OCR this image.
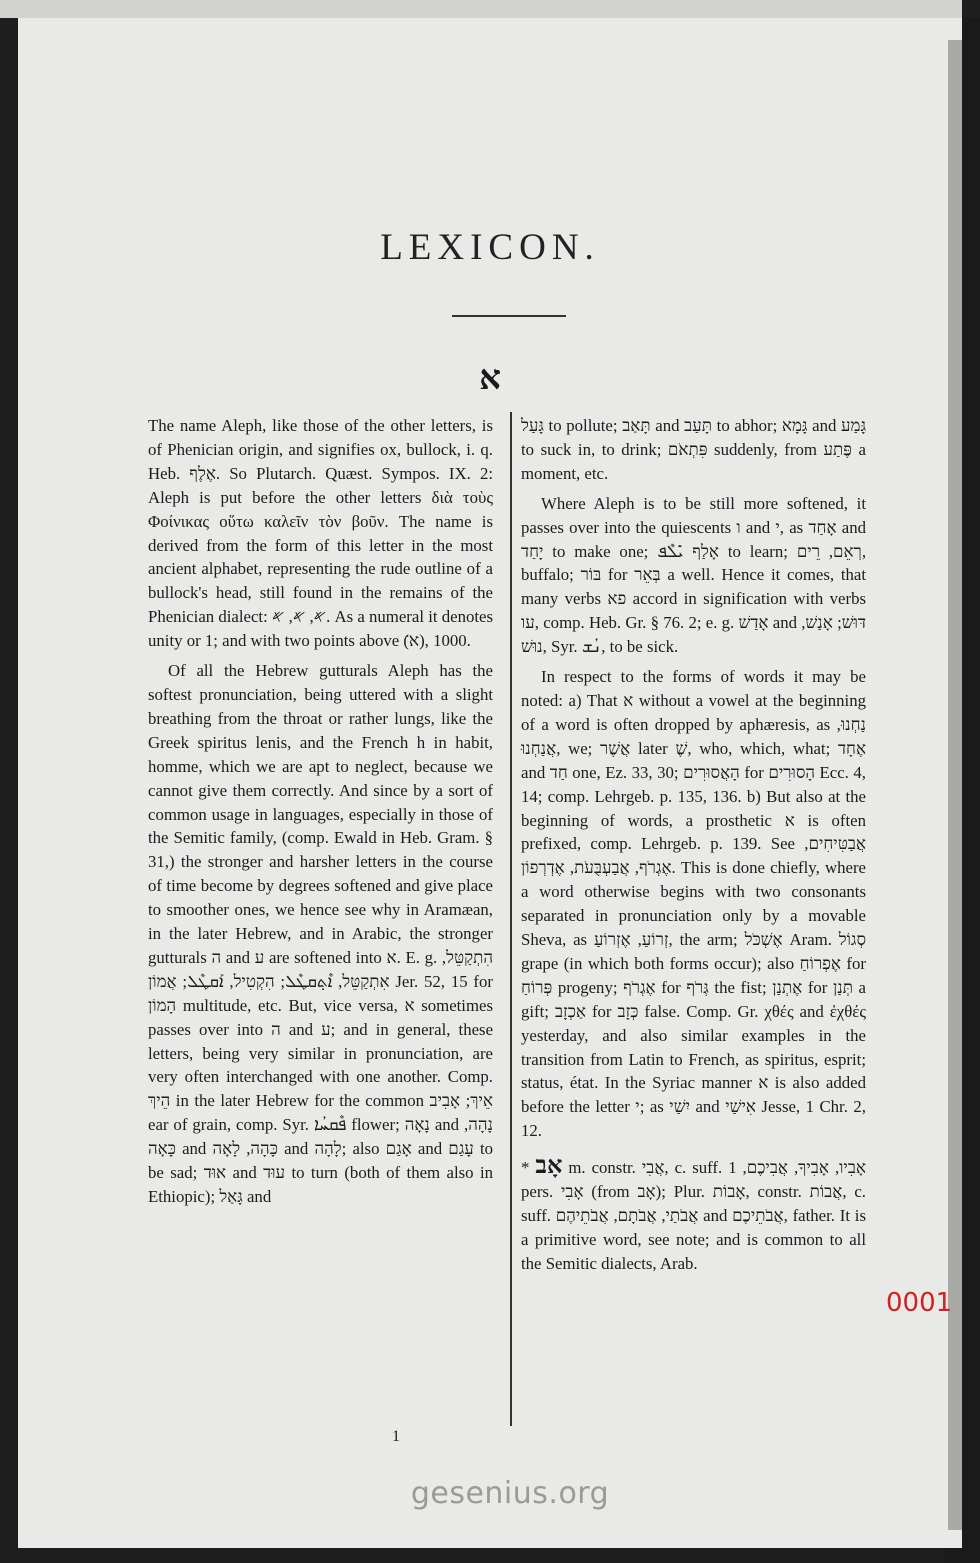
LEXICON.
א

The name Aleph, like those of the other letters, is of Phenician origin, and signifies ox, bullock, i. q. Heb. אֶלֶף. So Plutarch. Quæst. Sympos. IX. 2: Aleph is put before the other letters διὰ τοὺς Φοίνικας οὕτω καλεῖν τὸν βοῦν. The name is derived from the form of this letter in the most ancient alphabet, representing the rude outline of a bullock's head, still found in the remains of the Phenician dialect: 𐤀, 𐤀, 𐤀. As a numeral it denotes unity or 1; and with two points above (א̈), 1000.

Of all the Hebrew gutturals Aleph has the softest pronunciation, being uttered with a slight breathing from the throat or rather lungs, like the Greek spiritus lenis, and the French h in habit, homme, which we are apt to neglect, because we cannot give them correctly. And since by a sort of common usage in languages, especially in those of the Semitic family, (comp. Ewald in Heb. Gram. § 31,) the stronger and harsher letters in the course of time become by degrees softened and give place to smoother ones, we hence see why in Aramæan, in the later Hebrew, and in Arabic, the stronger gutturals ה and ע are softened into א. E. g. הִתְקַטֵּל, אִתְקַטֵּל, ܐܶܬ݂ܩܛܶܠ; הִקְטִיל, ܐܰܩܛܶܠ; אֲמוֹן Jer. 52, 15 for הָמוֹן multitude, etc. But, vice versa, א sometimes passes over into ה and ע; and in general, these letters, being very similar in pronunciation, are very often interchanged with one another. Comp. הֵיךְ in the later Hebrew for the common אֵיךְ; אָבִיב ear of grain, comp. Syr. ܦܶܩܚܳܐ flower; נָאָה and נָהָה, כָּאָה and כָּהָה, לָאָה and לָהָה; also אָגַם and עָגַם to be sad; אוּד and עוּד to turn (both of them also in Ethiopic); גָּאַל and

גָּעַל to pollute; תָּאַב and תָּעַב to abhor; גָּמָא and גָּמַע to suck in, to drink; פִּתְאֹם suddenly, from פֶּתַע a moment, etc.

Where Aleph is to be still more softened, it passes over into the quiescents ו and י, as אָחַד and יָחַד to make one; אָלַף ܝܺܠܶܦ to learn; רְאֵם, רֵים, buffalo; בּוֹר for בְּאֵר a well. Hence it comes, that many verbs פא accord in signification with verbs עו, comp. Heb. Gr. § 76. 2; e. g. אָדַשׁ and דּוּשׁ; אָנַשׁ, נוּשׁ, Syr. ܢܳܫ, to be sick.

In respect to the forms of words it may be noted: a) That א without a vowel at the beginning of a word is often dropped by aphæresis, as נַחְנוּ, אֲנַחְנוּ, we; אֲשֶׁר later שֶׁ, who, which, what; אֶחָד and חַד one, Ez. 33, 30; הָאֲסוּרִים for הָסוּרִים Ecc. 4, 14; comp. Lehrgeb. p. 135, 136. b) But also at the beginning of words, a prosthetic א is often prefixed, comp. Lehrgeb. p. 139. See אֲבַטִּיחִים, אֶגְרֹף, אֲבַעְבֻּעֹת, אֶדְרְפוֹן. This is done chiefly, where a word otherwise begins with two consonants separated in pronunciation only by a movable Sheva, as זְרוֹעַ, אֶזְרוֹעַ, the arm; אֶשְׁכֹּל Aram. סְגוֹל grape (in which both forms occur); also אֶפְרוֹחַ for פְּרוֹחַ progeny; אֶגְרֹף for גְּרֹף the fist; אֶתְנַן for תְּנַן a gift; אַכְזָב for כְּזָב false. Comp. Gr. χθές and ἐχθές yesterday, and also similar examples in the transition from Latin to French, as spiritus, esprit; status, état. In the Syriac manner א is also added before the letter י; as יִשַׁי and אִישַׁי Jesse, 1 Chr. 2, 12.

* אָב m. constr. אֲבִי, c. suff. אָבִיו, אָבִיךָ, אֲבִיכֶם, 1 pers. אָבִי (from אָב); Plur. אָבוֹת, constr. אֲבוֹת, c. suff. אֲבֹתַי, אֲבֹתָם, אֲבֹתֵיהֶם and אֲבֹתֵיכֶם, father. It is a primitive word, see note; and is common to all the Semitic dialects, Arab.

0001
1
gesenius.org
